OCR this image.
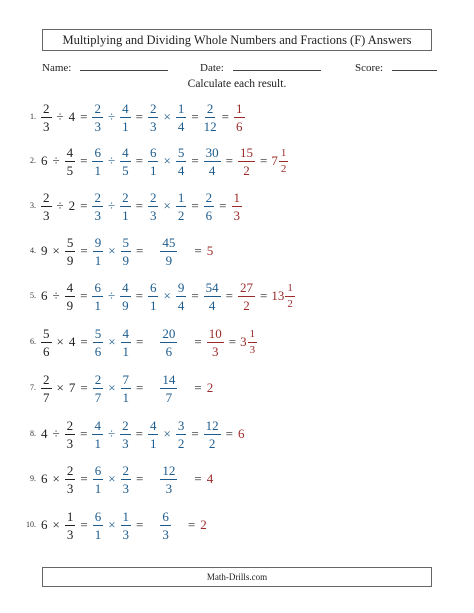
Multiplying and Dividing Whole Numbers and Fractions (F) Answers
Name:	Date:	Score:
Calculate each result.
1. $\frac{2}{3} \div 4 = \frac{2}{3} \div \frac{4}{1} = \frac{2}{3} \times \frac{1}{4} = \frac{2}{12} = \frac{1}{6}$
2. $6 \div \frac{4}{5} = \frac{6}{1} \div \frac{4}{5} = \frac{6}{1} \times \frac{5}{4} = \frac{30}{4} = \frac{15}{2} = 7 \frac{1}{2}$
3. $\frac{2}{3} \div 2 = \frac{2}{3} \div \frac{2}{1} = \frac{2}{3} \times \frac{1}{2} = \frac{2}{6} = \frac{1}{3}$
4. $9 \times \frac{5}{9} = \frac{9}{1} \times \frac{5}{9} = \frac{45}{9} = 5$
5. $6 \div \frac{4}{9} = \frac{6}{1} \div \frac{4}{9} = \frac{6}{1} \times \frac{9}{4} = \frac{54}{4} = \frac{27}{2} = 13 \frac{1}{2}$
6. $\frac{5}{6} \times 4 = \frac{5}{6} \times \frac{4}{1} = \frac{20}{6} = \frac{10}{3} = 3 \frac{1}{3}$
7. $\frac{2}{7} \times 7 = \frac{2}{7} \times \frac{7}{1} = \frac{14}{7} = 2$
8. $4 \div \frac{2}{3} = \frac{4}{1} \div \frac{2}{3} = \frac{4}{1} \times \frac{3}{2} = \frac{12}{2} = 6$
9. $6 \times \frac{2}{3} = \frac{6}{1} \times \frac{2}{3} = \frac{12}{3} = 4$
10. $6 \times \frac{1}{3} = \frac{6}{1} \times \frac{1}{3} = \frac{6}{3} = 2$
Math-Drills.com
